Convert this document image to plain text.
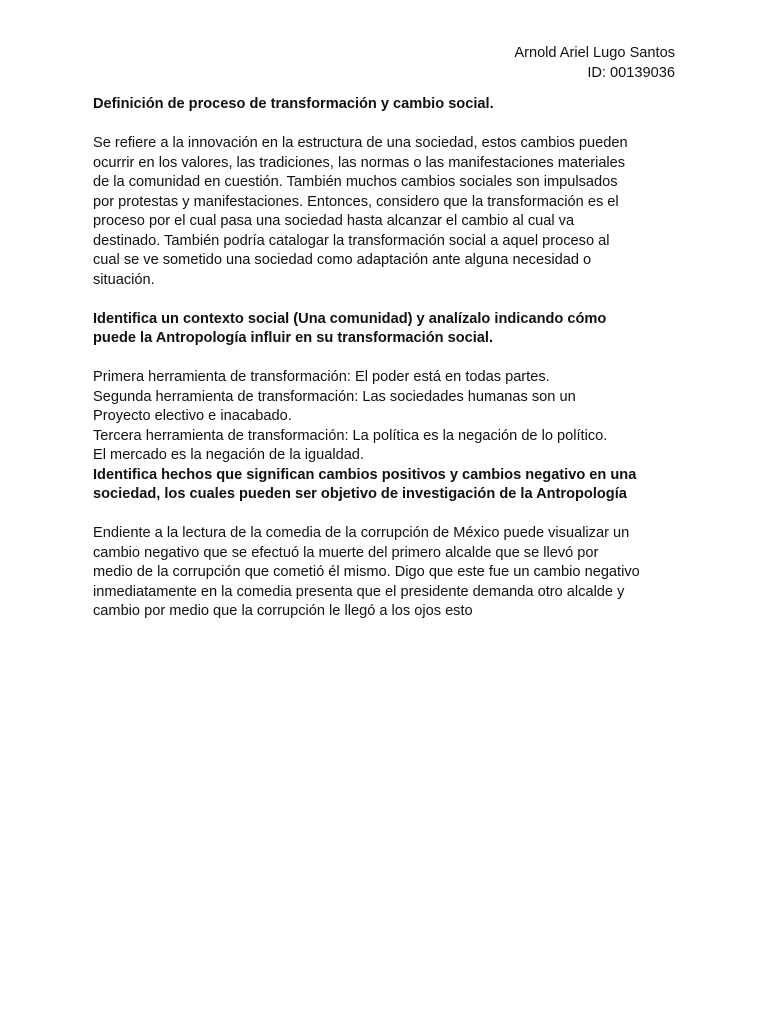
Arnold Ariel Lugo Santos
ID: 00139036

Definición de proceso de transformación y cambio social.

Se refiere a la innovación en la estructura de una sociedad, estos cambios pueden
ocurrir en los valores, las tradiciones, las normas o las manifestaciones materiales
de la comunidad en cuestión. También muchos cambios sociales son impulsados
por protestas y manifestaciones. Entonces, considero que la transformación es el
proceso por el cual pasa una sociedad hasta alcanzar el cambio al cual va
destinado. También podría catalogar la transformación social a aquel proceso al
cual se ve sometido una sociedad como adaptación ante alguna necesidad o
situación.

Identifica un contexto social (Una comunidad) y analízalo indicando cómo
puede la Antropología influir en su transformación social.

Primera herramienta de transformación: El poder está en todas partes.
Segunda herramienta de transformación: Las sociedades humanas son un
Proyecto electivo e inacabado.
Tercera herramienta de transformación: La política es la negación de lo político.
El mercado es la negación de la igualdad.

Identifica hechos que significan cambios positivos y cambios negativo en una
sociedad, los cuales pueden ser objetivo de investigación de la Antropología

Endiente a la lectura de la comedia de la corrupción de México puede visualizar un
cambio negativo que se efectuó la muerte del primero alcalde que se llevó por
medio de la corrupción que cometió él mismo. Digo que este fue un cambio negativo
inmediatamente en la comedia presenta que el presidente demanda otro alcalde y
cambio por medio que la corrupción le llegó a los ojos esto
